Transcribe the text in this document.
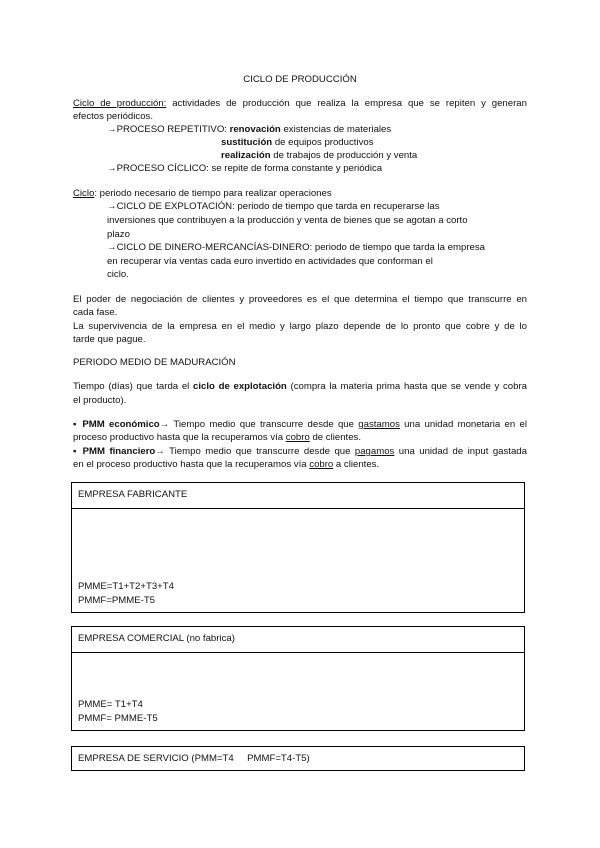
CICLO DE PRODUCCIÓN
Ciclo de producción: actividades de producción que realiza la empresa que se repiten y generan
efectos periódicos.
→PROCESO REPETITIVO: renovación existencias de materiales
sustitución de equipos productivos
realización de trabajos de producción y venta
→PROCESO CÍCLICO: se repite de forma constante y periódica
Ciclo: periodo necesario de tiempo para realizar operaciones
→CICLO DE EXPLOTACIÓN: periodo de tiempo que tarda en recuperarse las
inversiones que contribuyen a la producción y venta de bienes que se agotan a corto
plazo
→CICLO DE DINERO-MERCANCÍAS-DINERO: periodo de tiempo que tarda la empresa
en recuperar vía ventas cada euro invertido en actividades que conforman el
ciclo.
El poder de negociación de clientes y proveedores es el que determina el tiempo que transcurre en
cada fase.
La supervivencia de la empresa en el medio y largo plazo depende de lo pronto que cobre y de lo
tarde que pague.
PERIODO MEDIO DE MADURACIÓN
Tiempo (días) que tarda el ciclo de explotación (compra la materia prima hasta que se vende y cobra
el producto).
▪ PMM económico→ Tiempo medio que transcurre desde que gastamos una unidad monetaria en el
proceso productivo hasta que la recuperamos vía cobro de clientes.
▪ PMM financiero→ Tiempo medio que transcurre desde que pagamos una unidad de input gastada
en el proceso productivo hasta que la recuperamos vía cobro a clientes.
EMPRESA FABRICANTE
PMME=T1+T2+T3+T4
PMMF=PMME-T5
EMPRESA COMERCIAL (no fabrica)
PMME= T1+T4
PMMF= PMME-T5
EMPRESA DE SERVICIO (PMM=T4     PMMF=T4-T5)
